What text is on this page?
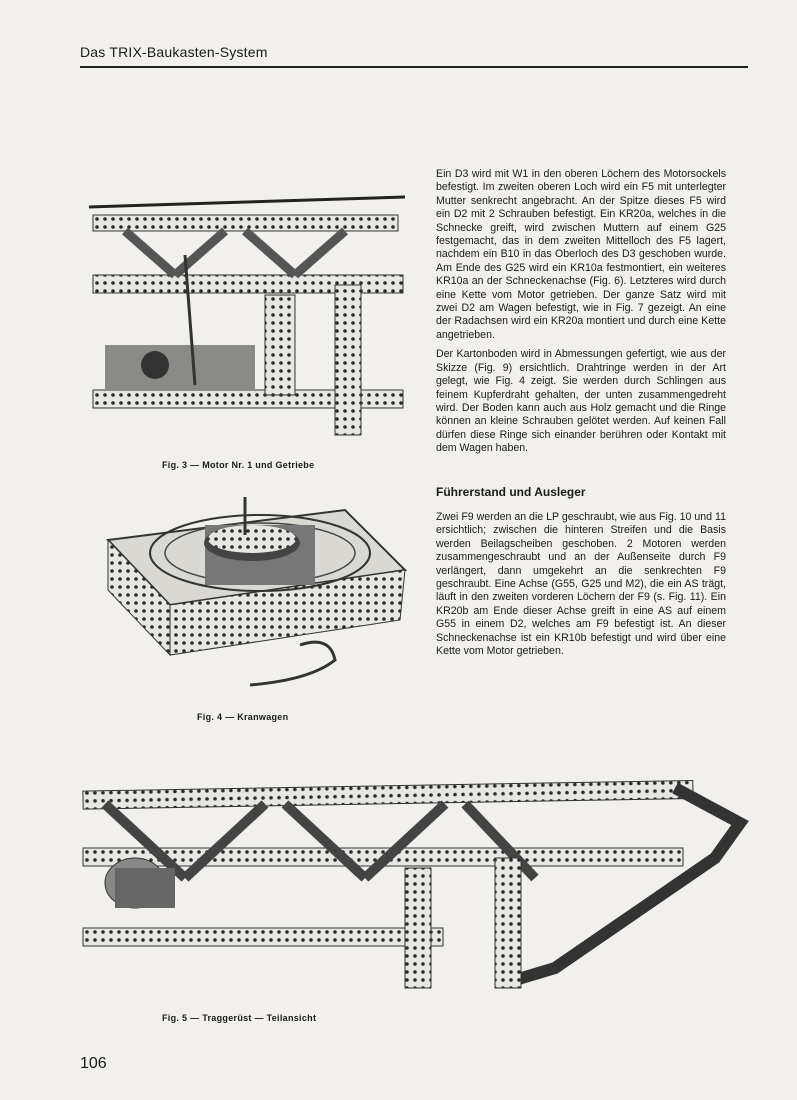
Das TRIX-Baukasten-System
Fig. 3 — Motor Nr. 1 und Getriebe
Fig. 4 — Kranwagen
Fig. 5 — Traggerüst — Teilansicht

Ein D3 wird mit W1 in den oberen Löchern des Motorsockels befestigt. Im zweiten oberen Loch wird ein F5 mit unterlegter Mutter senkrecht angebracht. An der Spitze dieses F5 wird ein D2 mit 2 Schrauben befestigt. Ein KR20a, welches in die Schnecke greift, wird zwischen Muttern auf einem G25 festgemacht, das in dem zweiten Mittelloch des F5 lagert, nachdem ein B10 in das Oberloch des D3 geschoben wurde. Am Ende des G25 wird ein KR10a festmontiert, ein weiteres KR10a an der Schneckenachse (Fig. 6). Letzteres wird durch eine Kette vom Motor getrieben. Der ganze Satz wird mit zwei D2 am Wagen befestigt, wie in Fig. 7 gezeigt. An eine der Radachsen wird ein KR20a montiert und durch eine Kette angetrieben.

Der Kartonboden wird in Abmessungen gefertigt, wie aus der Skizze (Fig. 9) ersichtlich. Drahtringe werden in der Art gelegt, wie Fig. 4 zeigt. Sie werden durch Schlingen aus feinem Kupferdraht gehalten, der unten zusammengedreht wird. Der Boden kann auch aus Holz gemacht und die Ringe können an kleine Schrauben gelötet werden. Auf keinen Fall dürfen diese Ringe sich einander berühren oder Kontakt mit dem Wagen haben.

Führerstand und Ausleger

Zwei F9 werden an die LP geschraubt, wie aus Fig. 10 und 11 ersichtlich; zwischen die hinteren Streifen und die Basis werden Beilagscheiben geschoben. 2 Motoren werden zusammengeschraubt und an der Außenseite durch F9 verlängert, dann umgekehrt an die senkrechten F9 geschraubt. Eine Achse (G55, G25 und M2), die ein AS trägt, läuft in den zweiten vorderen Löchern der F9 (s. Fig. 11). Ein KR20b am Ende dieser Achse greift in eine AS auf einem G55 in einem D2, welches am F9 befestigt ist. An dieser Schneckenachse ist ein KR10b befestigt und wird über eine Kette vom Motor getrieben.

106
